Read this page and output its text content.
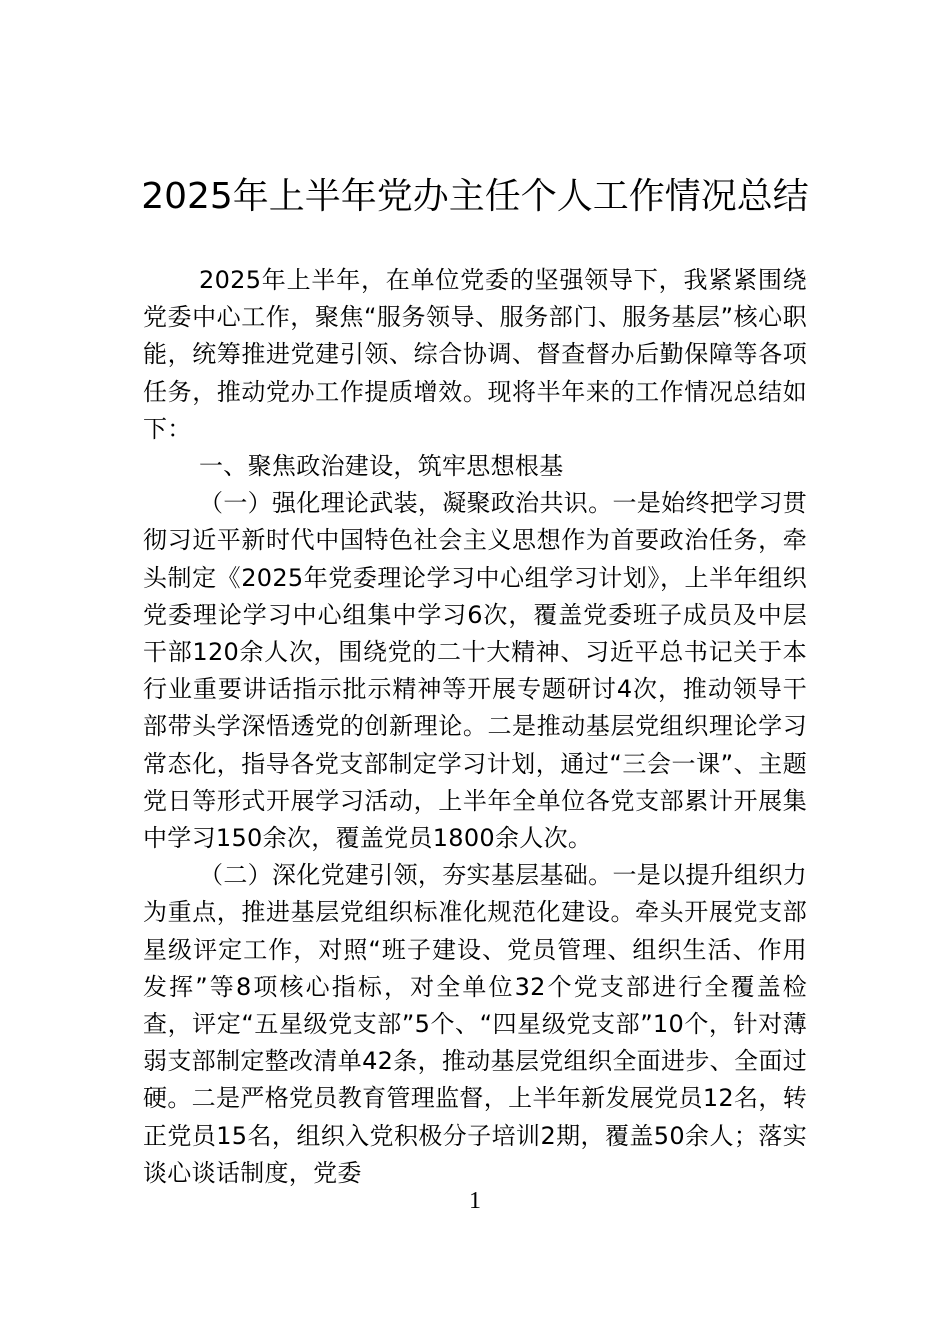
2025年上半年党办主任个人工作情况总结

2025年上半年，在单位党委的坚强领导下，我紧紧围绕党委中心工作，聚焦“服务领导、服务部门、服务基层”核心职能，统筹推进党建引领、综合协调、督查督办后勤保障等各项任务，推动党办工作提质增效。现将半年来的工作情况总结如下：

一、聚焦政治建设，筑牢思想根基

（一）强化理论武装，凝聚政治共识。一是始终把学习贯彻习近平新时代中国特色社会主义思想作为首要政治任务，牵头制定《2025年党委理论学习中心组学习计划》，上半年组织党委理论学习中心组集中学习6次，覆盖党委班子成员及中层干部120余人次，围绕党的二十大精神、习近平总书记关于本行业重要讲话指示批示精神等开展专题研讨4次，推动领导干部带头学深悟透党的创新理论。二是推动基层党组织理论学习常态化，指导各党支部制定学习计划，通过“三会一课”、主题党日等形式开展学习活动，上半年全单位各党支部累计开展集中学习150余次，覆盖党员1800余人次。

（二）深化党建引领，夯实基层基础。一是以提升组织力为重点，推进基层党组织标准化规范化建设。牵头开展党支部星级评定工作，对照“班子建设、党员管理、组织生活、作用发挥”等8项核心指标，对全单位32个党支部进行全覆盖检查，评定“五星级党支部”5个、“四星级党支部”10个，针对薄弱支部制定整改清单42条，推动基层党组织全面进步、全面过硬。二是严格党员教育管理监督，上半年新发展党员12名，转正党员15名，组织入党积极分子培训2期，覆盖50余人；落实谈心谈话制度，党委

1
